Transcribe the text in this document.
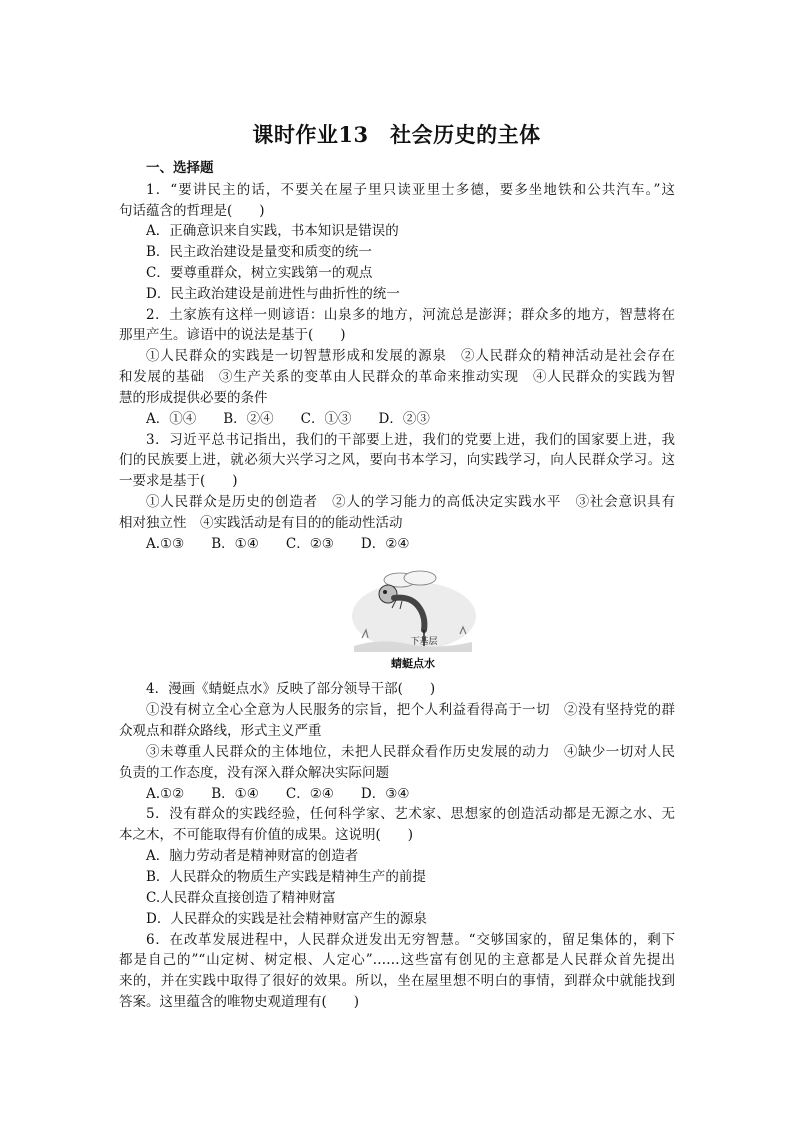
课时作业13　社会历史的主体
一、选择题
1．“要讲民主的话，不要关在屋子里只读亚里士多德，要多坐地铁和公共汽车。”这
句话蕴含的哲理是(　　)
A．正确意识来自实践，书本知识是错误的
B．民主政治建设是量变和质变的统一
C．要尊重群众，树立实践第一的观点
D．民主政治建设是前进性与曲折性的统一
2．土家族有这样一则谚语：山泉多的地方，河流总是澎湃；群众多的地方，智慧将在
那里产生。谚语中的说法是基于(　　)
①人民群众的实践是一切智慧形成和发展的源泉　②人民群众的精神活动是社会存在
和发展的基础　③生产关系的变革由人民群众的革命来推动实现　④人民群众的实践为智
慧的形成提供必要的条件
A．①④　　B．②④　　C．①③　　D．②③
3．习近平总书记指出，我们的干部要上进，我们的党要上进，我们的国家要上进，我
们的民族要上进，就必须大兴学习之风，要向书本学习，向实践学习，向人民群众学习。这
一要求是基于(　　)
①人民群众是历史的创造者　②人的学习能力的高低决定实践水平　③社会意识具有
相对独立性　④实践活动是有目的的能动性活动
A.①③　　B．①④　　C．②③　　D．②④
下基层
蜻蜓点水
4．漫画《蜻蜓点水》反映了部分领导干部(　　)
①没有树立全心全意为人民服务的宗旨，把个人利益看得高于一切　②没有坚持党的群
众观点和群众路线，形式主义严重
③未尊重人民群众的主体地位，未把人民群众看作历史发展的动力　④缺少一切对人民
负责的工作态度，没有深入群众解决实际问题
A.①②　　B．①④　　C．②④　　D．③④
5．没有群众的实践经验，任何科学家、艺术家、思想家的创造活动都是无源之水、无
本之木，不可能取得有价值的成果。这说明(　　)
A．脑力劳动者是精神财富的创造者
B．人民群众的物质生产实践是精神生产的前提
C.人民群众直接创造了精神财富
D．人民群众的实践是社会精神财富产生的源泉
6．在改革发展进程中，人民群众迸发出无穷智慧。“交够国家的，留足集体的，剩下
都是自己的”“山定树、树定根、人定心”……这些富有创见的主意都是人民群众首先提出
来的，并在实践中取得了很好的效果。所以，坐在屋里想不明白的事情，到群众中就能找到
答案。这里蕴含的唯物史观道理有(　　)
